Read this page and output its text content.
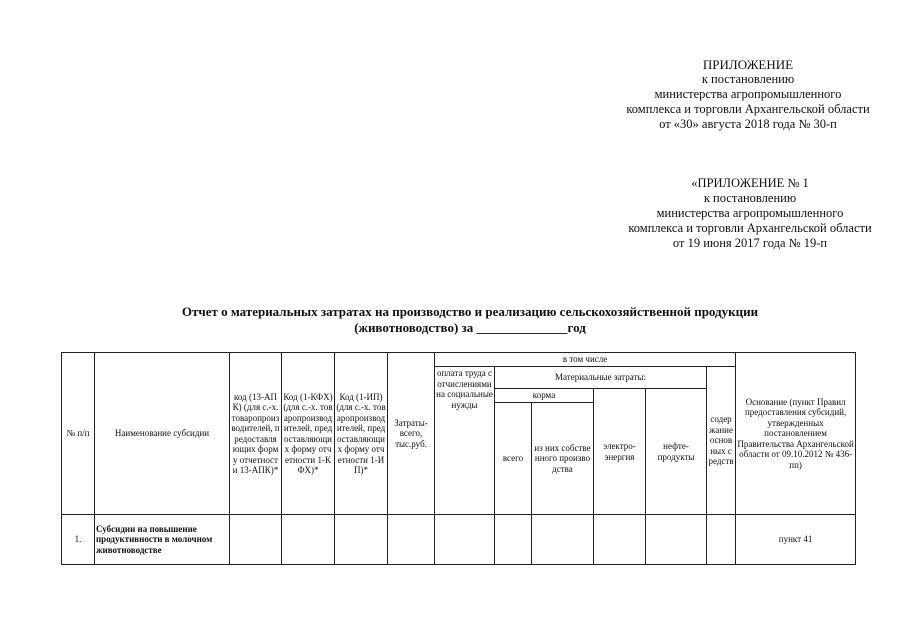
ПРИЛОЖЕНИЕ
к постановлению
министерства агропромышленного
комплекса и торговли Архангельской области
от «30» августа 2018 года № 30-п
«ПРИЛОЖЕНИЕ № 1
к постановлению
министерства агропромышленного
комплекса и торговли Архангельской области
от 19 июня 2017 года № 19-п
Отчет о материальных затратах на производство и реализацию сельскохозяйственной продукции
(животноводство) за ______________год
№ п/п	Наименование субсидии	код (13-АПК) (для с.-х. товаропроизводителей, предоставляющих форму отчетности 13-АПК)*	Код (1-КФХ) (для с.-х. товаропроизводителей, предоставляющих форму отчетности 1-КФХ)*	Код (1-ИП) (для с.-х. товаропроизводителей, предоставляющих форму отчетности 1-ИП)*	Затраты-всего, тыс.руб.	в том числе						Основание (пункт Правил предоставления субсидий, утвержденных постановлением Правительства Архангельской области от 09.10.2012 № 436-пп)
						оплата труда с отчислениями на социальные нужды	Материальные затраты:				содержание основных средств	
							корма		электро-энергия	нефте-продукты		
							всего	из них собственного производства				
1.	Субсидии на повышение продуктивности в молочном животноводстве											пункт 41
